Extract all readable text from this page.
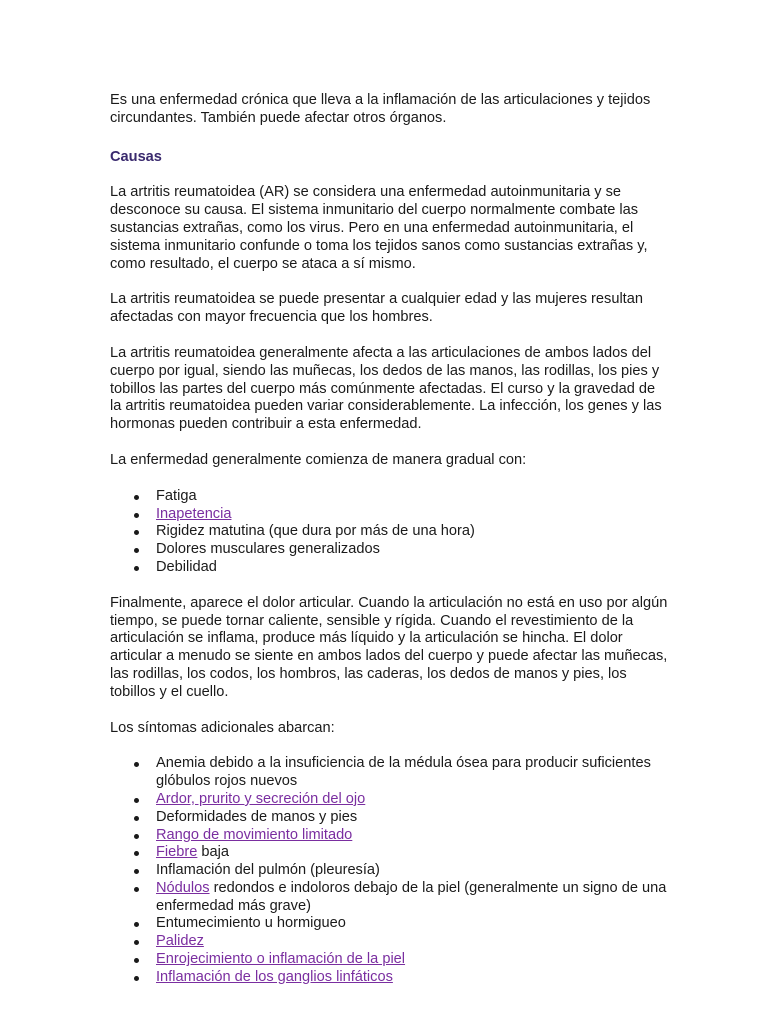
Es una enfermedad crónica que lleva a la inflamación de las articulaciones y tejidos circundantes. También puede afectar otros órganos.

Causas

La artritis reumatoidea (AR) se considera una enfermedad autoinmunitaria y se desconoce su causa. El sistema inmunitario del cuerpo normalmente combate las sustancias extrañas, como los virus. Pero en una enfermedad autoinmunitaria, el sistema inmunitario confunde o toma los tejidos sanos como sustancias extrañas y, como resultado, el cuerpo se ataca a sí mismo.

La artritis reumatoidea se puede presentar a cualquier edad y las mujeres resultan afectadas con mayor frecuencia que los hombres.

La artritis reumatoidea generalmente afecta a las articulaciones de ambos lados del cuerpo por igual, siendo las muñecas, los dedos de las manos, las rodillas, los pies y tobillos las partes del cuerpo más comúnmente afectadas. El curso y la gravedad de la artritis reumatoidea pueden variar considerablemente. La infección, los genes y las hormonas pueden contribuir a esta enfermedad.

La enfermedad generalmente comienza de manera gradual con:

Fatiga
Inapetencia
Rigidez matutina (que dura por más de una hora)
Dolores musculares generalizados
Debilidad

Finalmente, aparece el dolor articular. Cuando la articulación no está en uso por algún tiempo, se puede tornar caliente, sensible y rígida. Cuando el revestimiento de la articulación se inflama, produce más líquido y la articulación se hincha. El dolor articular a menudo se siente en ambos lados del cuerpo y puede afectar las muñecas, las rodillas, los codos, los hombros, las caderas, los dedos de manos y pies, los tobillos y el cuello.

Los síntomas adicionales abarcan:

Anemia debido a la insuficiencia de la médula ósea para producir suficientes glóbulos rojos nuevos
Ardor, prurito y secreción del ojo
Deformidades de manos y pies
Rango de movimiento limitado
Fiebre baja
Inflamación del pulmón (pleuresía)
Nódulos redondos e indoloros debajo de la piel (generalmente un signo de una enfermedad más grave)
Entumecimiento u hormigueo
Palidez
Enrojecimiento o inflamación de la piel
Inflamación de los ganglios linfáticos
